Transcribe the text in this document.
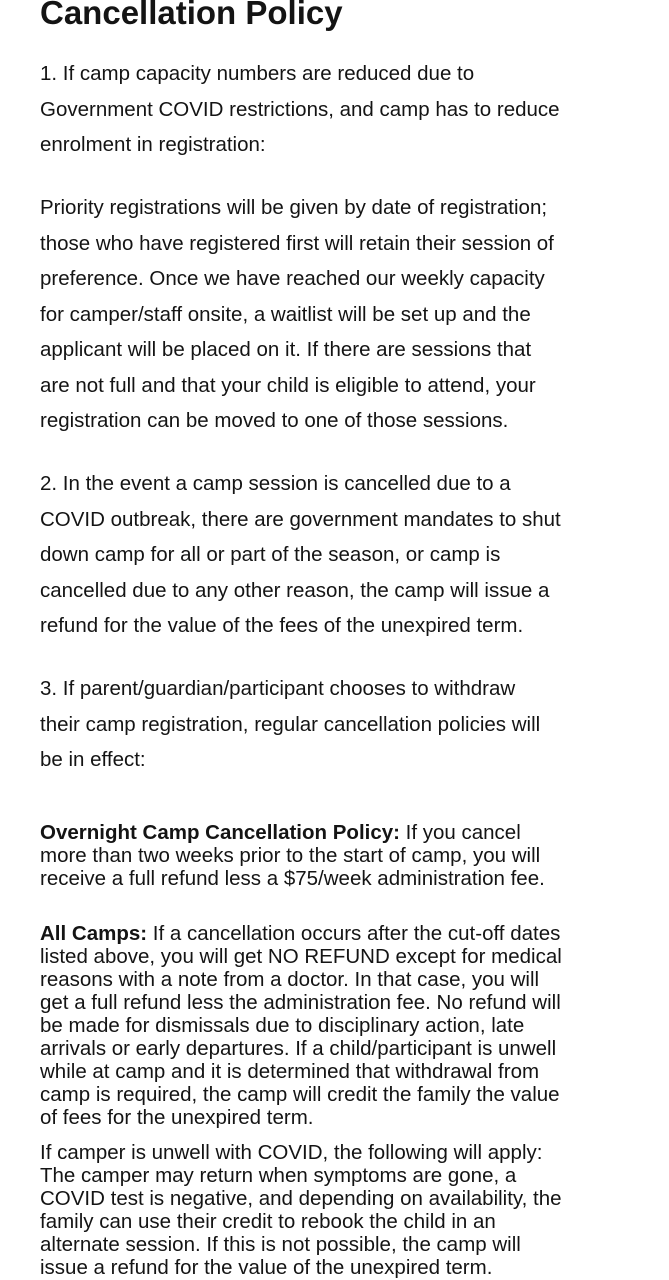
Cancellation Policy

1. If camp capacity numbers are reduced due to
Government COVID restrictions, and camp has to reduce
enrolment in registration:

Priority registrations will be given by date of registration;
those who have registered first will retain their session of
preference. Once we have reached our weekly capacity
for camper/staff onsite, a waitlist will be set up and the
applicant will be placed on it. If there are sessions that
are not full and that your child is eligible to attend, your
registration can be moved to one of those sessions.

2. In the event a camp session is cancelled due to a
COVID outbreak, there are government mandates to shut
down camp for all or part of the season, or camp is
cancelled due to any other reason, the camp will issue a
refund for the value of the fees of the unexpired term.

3. If parent/guardian/participant chooses to withdraw
their camp registration, regular cancellation policies will
be in effect:

Overnight Camp Cancellation Policy: If you cancel
more than two weeks prior to the start of camp, you will
receive a full refund less a $75/week administration fee.
All Camps: If a cancellation occurs after the cut-off dates
listed above, you will get NO REFUND except for medical
reasons with a note from a doctor. In that case, you will
get a full refund less the administration fee. No refund will
be made for dismissals due to disciplinary action, late
arrivals or early departures. If a child/participant is unwell
while at camp and it is determined that withdrawal from
camp is required, the camp will credit the family the value
of fees for the unexpired term.
If camper is unwell with COVID, the following will apply:
The camper may return when symptoms are gone, a
COVID test is negative, and depending on availability, the
family can use their credit to rebook the child in an
alternate session. If this is not possible, the camp will
issue a refund for the value of the unexpired term.
